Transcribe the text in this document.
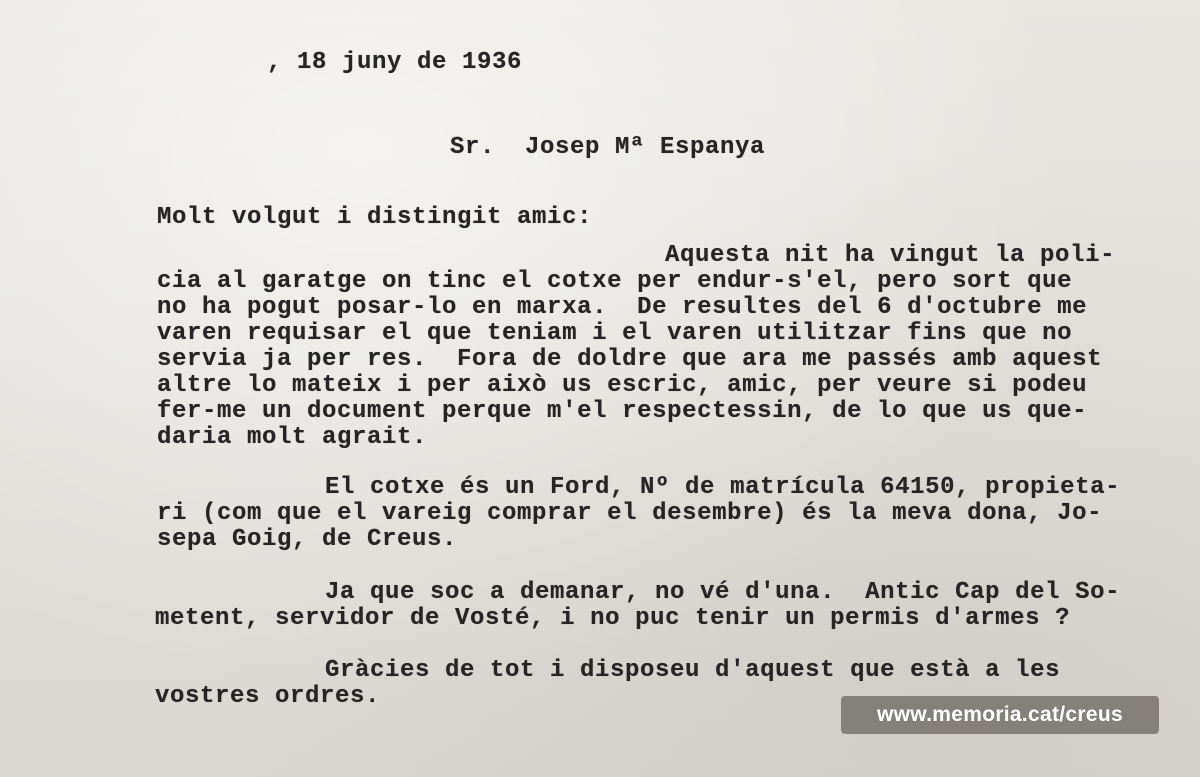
, 18 juny de 1936
Sr.  Josep Mª Espanya
Molt volgut i distingit amic:
Aquesta nit ha vingut la poli-
cia al garatge on tinc el cotxe per endur-s'el, pero sort que
no ha pogut posar-lo en marxa.  De resultes del 6 d'octubre me
varen requisar el que teniam i el varen utilitzar fins que no
servia ja per res.  Fora de doldre que ara me passés amb aquest
altre lo mateix i per això us escric, amic, per veure si podeu
fer-me un document perque m'el respectessin, de lo que us que-
daria molt agrait.
El cotxe és un Ford, Nº de matrícula 64150, propieta-
ri (com que el vareig comprar el desembre) és la meva dona, Jo-
sepa Goig, de Creus.
Ja que soc a demanar, no vé d'una.  Antic Cap del So-
metent, servidor de Vosté, i no puc tenir un permis d'armes ?
Gràcies de tot i disposeu d'aquest que està a les
vostres ordres.
www.memoria.cat/creus
